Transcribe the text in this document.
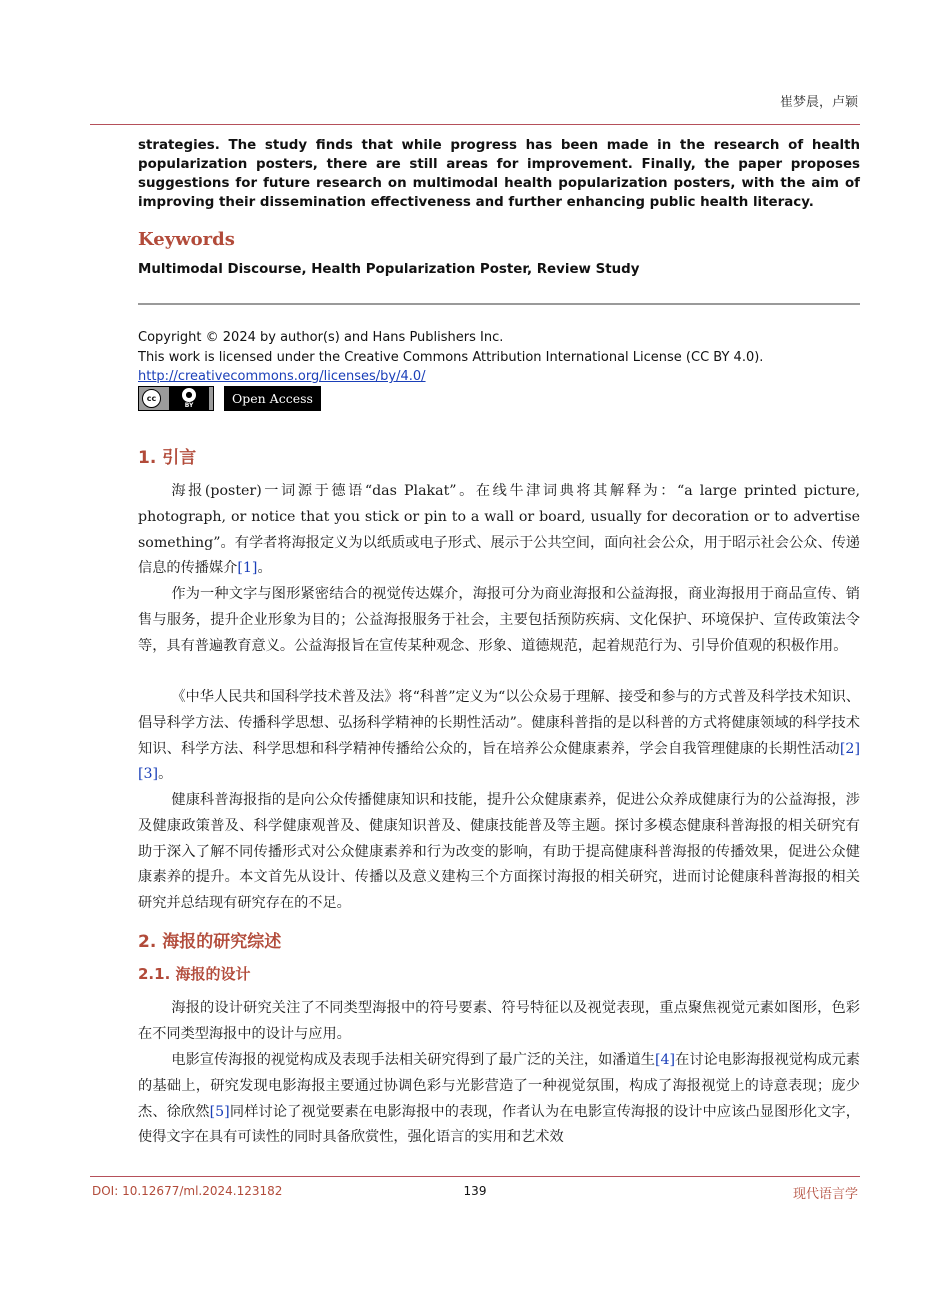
崔梦晨，卢颖
strategies. The study finds that while progress has been made in the research of health popularization posters, there are still areas for improvement. Finally, the paper proposes suggestions for future research on multimodal health popularization posters, with the aim of improving their dissemination effectiveness and further enhancing public health literacy.
Keywords
Multimodal Discourse, Health Popularization Poster, Review Study
Copyright © 2024 by author(s) and Hans Publishers Inc.
This work is licensed under the Creative Commons Attribution International License (CC BY 4.0).
http://creativecommons.org/licenses/by/4.0/
cc	●
BY	Open Access
1. 引言
海报(poster)一词源于德语“das Plakat”。在线牛津词典将其解释为：“a large printed picture, photograph, or notice that you stick or pin to a wall or board, usually for decoration or to advertise something”。有学者将海报定义为以纸质或电子形式、展示于公共空间，面向社会公众，用于昭示社会公众、传递信息的传播媒介[1]。
作为一种文字与图形紧密结合的视觉传达媒介，海报可分为商业海报和公益海报，商业海报用于商品宣传、销售与服务，提升企业形象为目的；公益海报服务于社会，主要包括预防疾病、文化保护、环境保护、宣传政策法令等，具有普遍教育意义。公益海报旨在宣传某种观念、形象、道德规范，起着规范行为、引导价值观的积极作用。
《中华人民共和国科学技术普及法》将“科普”定义为“以公众易于理解、接受和参与的方式普及科学技术知识、倡导科学方法、传播科学思想、弘扬科学精神的长期性活动”。健康科普指的是以科普的方式将健康领域的科学技术知识、科学方法、科学思想和科学精神传播给公众的，旨在培养公众健康素养，学会自我管理健康的长期性活动[2] [3]。
健康科普海报指的是向公众传播健康知识和技能，提升公众健康素养，促进公众养成健康行为的公益海报，涉及健康政策普及、科学健康观普及、健康知识普及、健康技能普及等主题。探讨多模态健康科普海报的相关研究有助于深入了解不同传播形式对公众健康素养和行为改变的影响，有助于提高健康科普海报的传播效果，促进公众健康素养的提升。本文首先从设计、传播以及意义建构三个方面探讨海报的相关研究，进而讨论健康科普海报的相关研究并总结现有研究存在的不足。
2. 海报的研究综述
2.1. 海报的设计
海报的设计研究关注了不同类型海报中的符号要素、符号特征以及视觉表现，重点聚焦视觉元素如图形，色彩在不同类型海报中的设计与应用。
电影宣传海报的视觉构成及表现手法相关研究得到了最广泛的关注，如潘道生[4]在讨论电影海报视觉构成元素的基础上，研究发现电影海报主要通过协调色彩与光影营造了一种视觉氛围，构成了海报视觉上的诗意表现；庞少杰、徐欣然[5]同样讨论了视觉要素在电影海报中的表现，作者认为在电影宣传海报的设计中应该凸显图形化文字，使得文字在具有可读性的同时具备欣赏性，强化语言的实用和艺术效
DOI: 10.12677/ml.2024.123182	139	现代语言学
